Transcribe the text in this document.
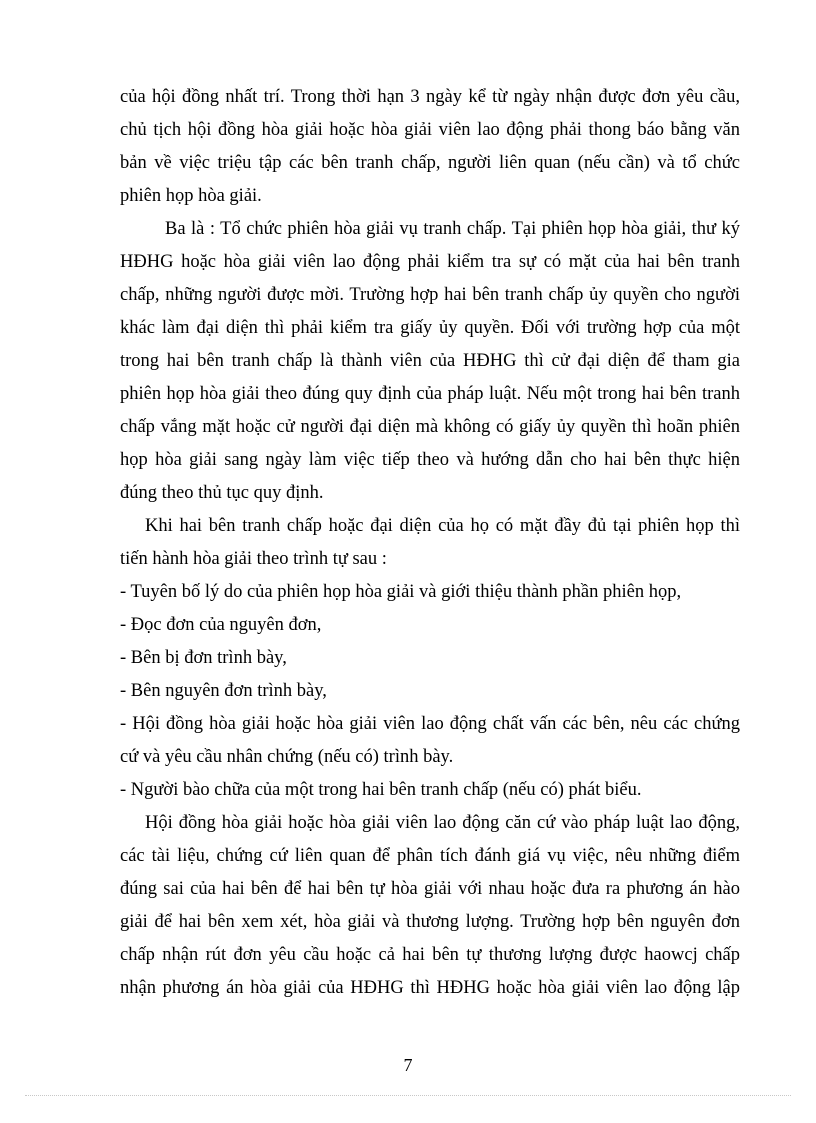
của hội đồng nhất trí. Trong thời hạn 3 ngày kể từ ngày nhận được đơn yêu cầu,
chủ tịch hội đồng hòa giải hoặc hòa giải viên lao động phải thong báo bằng văn
bản về việc triệu tập các bên tranh chấp, người liên quan (nếu cần) và tổ chức
phiên họp hòa giải.
Ba là : Tổ chức phiên hòa giải vụ tranh chấp. Tại phiên họp hòa giải, thư ký
HĐHG hoặc hòa giải viên lao động phải kiểm tra sự có mặt của hai bên tranh
chấp, những người được mời. Trường hợp hai bên tranh chấp ủy quyền cho người
khác làm đại diện thì phải kiểm tra giấy ủy quyền. Đối với trường hợp của một
trong hai bên tranh chấp là thành viên của HĐHG thì cử đại diện để tham gia
phiên họp hòa giải theo đúng quy định của pháp luật. Nếu một trong hai bên tranh
chấp vắng mặt hoặc cử người đại diện mà không có giấy ủy quyền thì hoãn phiên
họp hòa giải sang ngày làm việc tiếp theo và hướng dẫn cho hai bên thực hiện
đúng theo thủ tục quy định.
Khi hai bên tranh chấp hoặc đại diện của họ có mặt đầy đủ tại phiên họp thì
tiến hành hòa giải theo trình tự sau :
- Tuyên bố lý do của phiên họp hòa giải và giới thiệu thành phần phiên họp,
- Đọc đơn của nguyên đơn,
- Bên bị đơn trình bày,
- Bên nguyên đơn trình bày,
- Hội đồng hòa giải hoặc hòa giải viên lao động chất vấn các bên, nêu các chứng
cứ và yêu cầu nhân chứng (nếu có) trình bày.
- Người bào chữa của một trong hai bên tranh chấp (nếu có) phát biểu.
Hội đồng hòa giải hoặc hòa giải viên lao động căn cứ vào pháp luật lao động,
các tài liệu, chứng cứ liên quan để phân tích đánh giá vụ việc, nêu những điểm
đúng sai của hai bên để hai bên tự hòa giải với nhau hoặc đưa ra phương án hào
giải để hai bên xem xét, hòa giải và thương lượng. Trường hợp bên nguyên đơn
chấp nhận rút đơn yêu cầu hoặc cả hai bên tự thương lượng được haowcj chấp
nhận phương án hòa giải của HĐHG thì HĐHG hoặc hòa giải viên lao động lập
7
